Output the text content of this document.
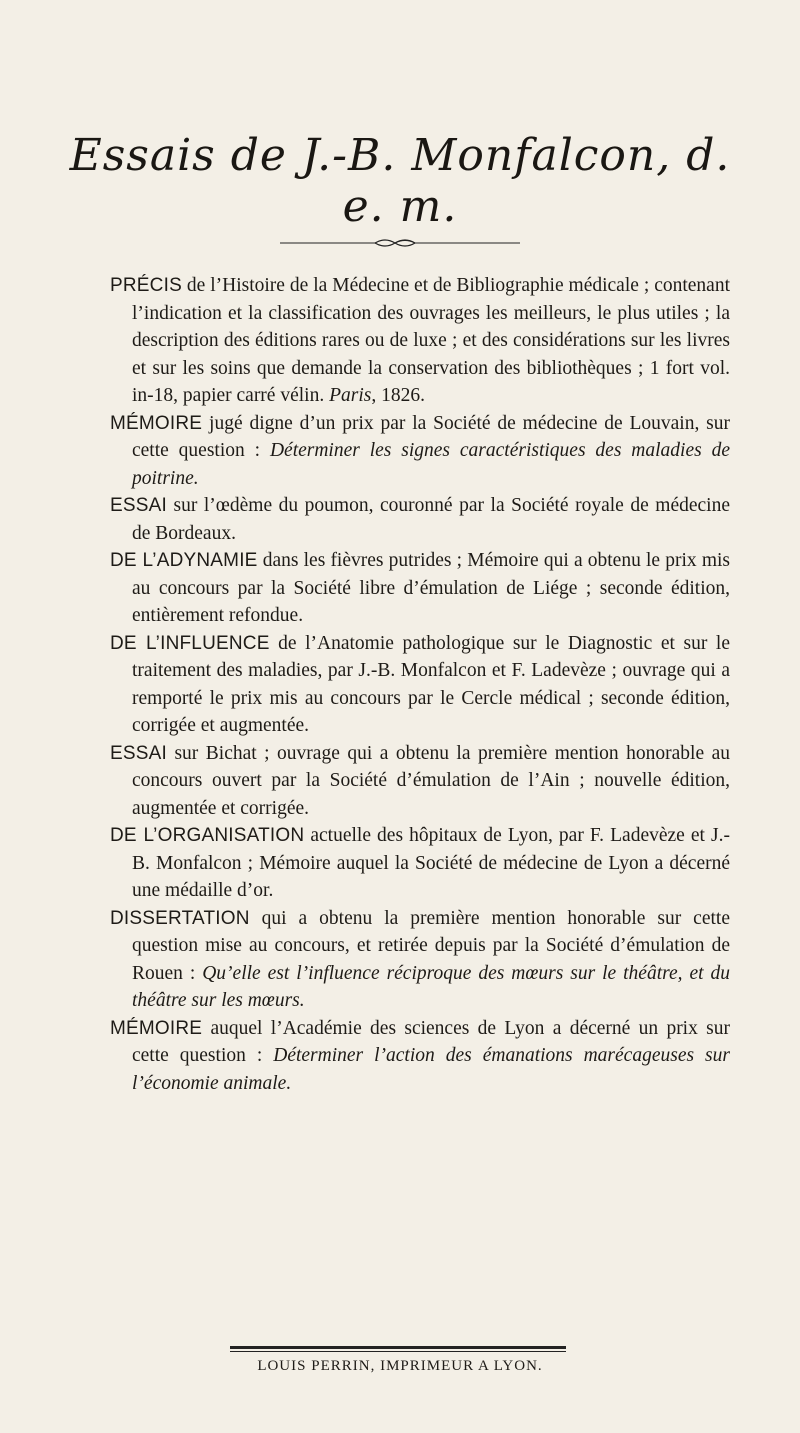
Essais de J.-B. Monfalcon, d. e. m.

PRÉCIS de l’Histoire de la Médecine et de Bibliographie médicale ; contenant l’indication et la classification des ouvrages les meilleurs, le plus utiles ; la description des éditions rares ou de luxe ; et des considérations sur les livres et sur les soins que demande la conservation des bibliothèques ; 1 fort vol. in-18, papier carré vélin. Paris, 1826.

MÉMOIRE jugé digne d’un prix par la Société de médecine de Louvain, sur cette question : Déterminer les signes caractéristiques des maladies de poitrine.

ESSAI sur l’œdème du poumon, couronné par la Société royale de médecine de Bordeaux.

DE L’ADYNAMIE dans les fièvres putrides ; Mémoire qui a obtenu le prix mis au concours par la Société libre d’émulation de Liége ; seconde édition, entièrement refondue.

DE L’INFLUENCE de l’Anatomie pathologique sur le Diagnostic et sur le traitement des maladies, par J.-B. Monfalcon et F. Ladevèze ; ouvrage qui a remporté le prix mis au concours par le Cercle médical ; seconde édition, corrigée et augmentée.

ESSAI sur Bichat ; ouvrage qui a obtenu la première mention honorable au concours ouvert par la Société d’émulation de l’Ain ; nouvelle édition, augmentée et corrigée.

DE L’ORGANISATION actuelle des hôpitaux de Lyon, par F. Ladevèze et J.-B. Monfalcon ; Mémoire auquel la Société de médecine de Lyon a décerné une médaille d’or.

DISSERTATION qui a obtenu la première mention honorable sur cette question mise au concours, et retirée depuis par la Société d’émulation de Rouen : Qu’elle est l’influence réciproque des mœurs sur le théâtre, et du théâtre sur les mœurs.

MÉMOIRE auquel l’Académie des sciences de Lyon a décerné un prix sur cette question : Déterminer l’action des émanations marécageuses sur l’économie animale.

LOUIS PERRIN, IMPRIMEUR A LYON.
